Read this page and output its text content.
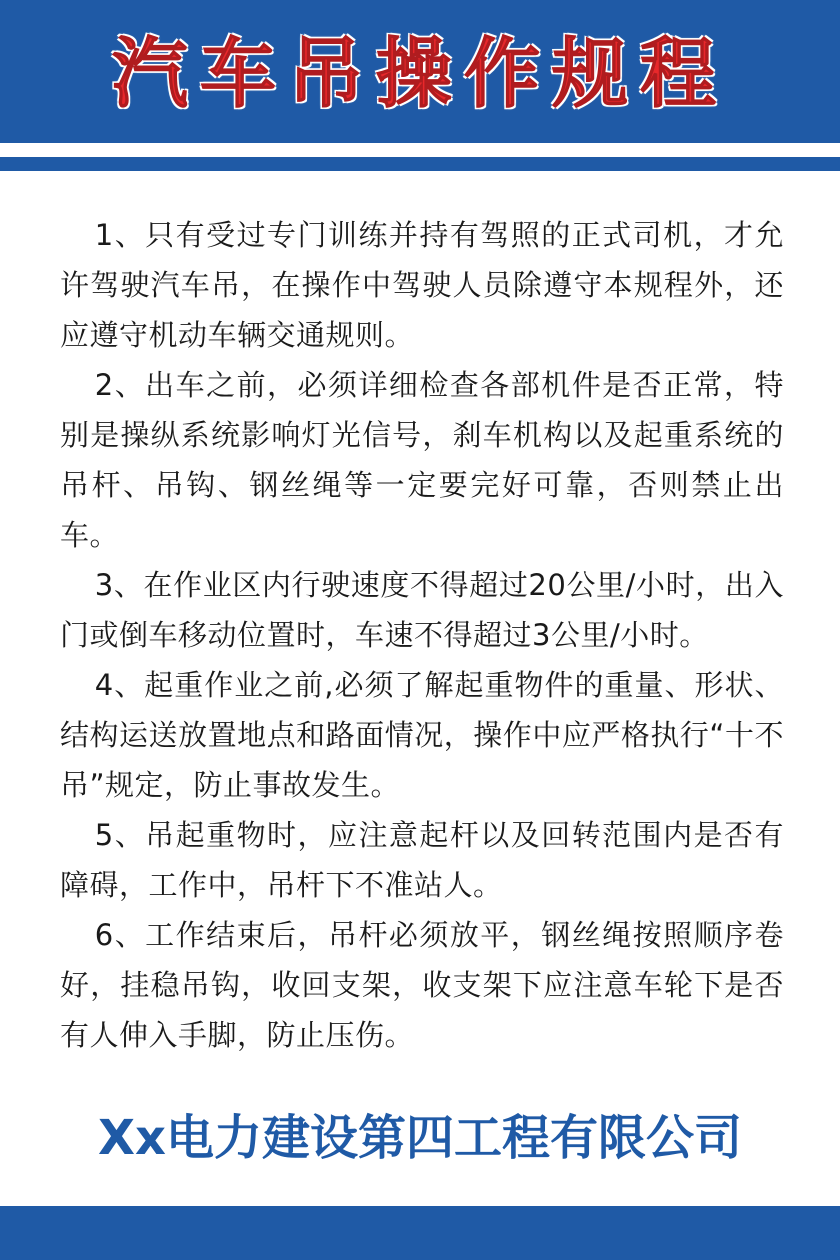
汽车吊操作规程

1、只有受过专门训练并持有驾照的正式司机，才允许驾驶汽车吊，在操作中驾驶人员除遵守本规程外，还应遵守机动车辆交通规则。

2、出车之前，必须详细检查各部机件是否正常，特别是操纵系统影响灯光信号，刹车机构以及起重系统的吊杆、吊钩、钢丝绳等一定要完好可靠，否则禁止出车。

3、在作业区内行驶速度不得超过20公里/小时，出入门或倒车移动位置时，车速不得超过3公里/小时。

4、起重作业之前,必须了解起重物件的重量、形状、结构运送放置地点和路面情况，操作中应严格执行“十不吊”规定，防止事故发生。

5、吊起重物时，应注意起杆以及回转范围内是否有障碍，工作中，吊杆下不准站人。

6、工作结束后，吊杆必须放平，钢丝绳按照顺序卷好，挂稳吊钩，收回支架，收支架下应注意车轮下是否有人伸入手脚，防止压伤。

Xx电力建设第四工程有限公司
